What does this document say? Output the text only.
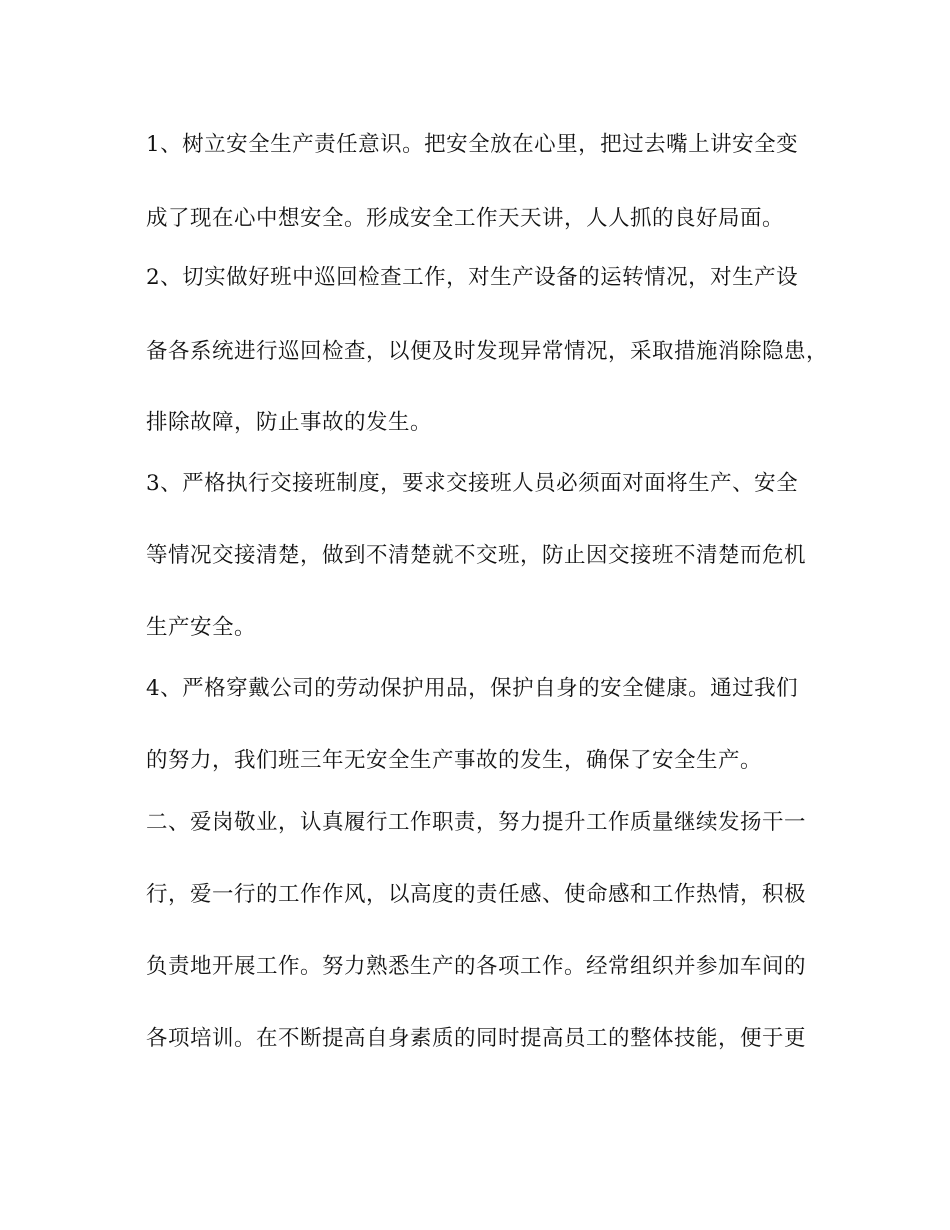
1、树立安全生产责任意识。把安全放在心里，把过去嘴上讲安全变
成了现在心中想安全。形成安全工作天天讲，人人抓的良好局面。
2、切实做好班中巡回检查工作，对生产设备的运转情况，对生产设
备各系统进行巡回检查，以便及时发现异常情况，采取措施消除隐患，
排除故障，防止事故的发生。
3、严格执行交接班制度，要求交接班人员必须面对面将生产、安全
等情况交接清楚，做到不清楚就不交班，防止因交接班不清楚而危机
生产安全。
4、严格穿戴公司的劳动保护用品，保护自身的安全健康。通过我们
的努力，我们班三年无安全生产事故的发生，确保了安全生产。
二、爱岗敬业，认真履行工作职责，努力提升工作质量继续发扬干一
行，爱一行的工作作风，以高度的责任感、使命感和工作热情，积极
负责地开展工作。努力熟悉生产的各项工作。经常组织并参加车间的
各项培训。在不断提高自身素质的同时提高员工的整体技能，便于更
